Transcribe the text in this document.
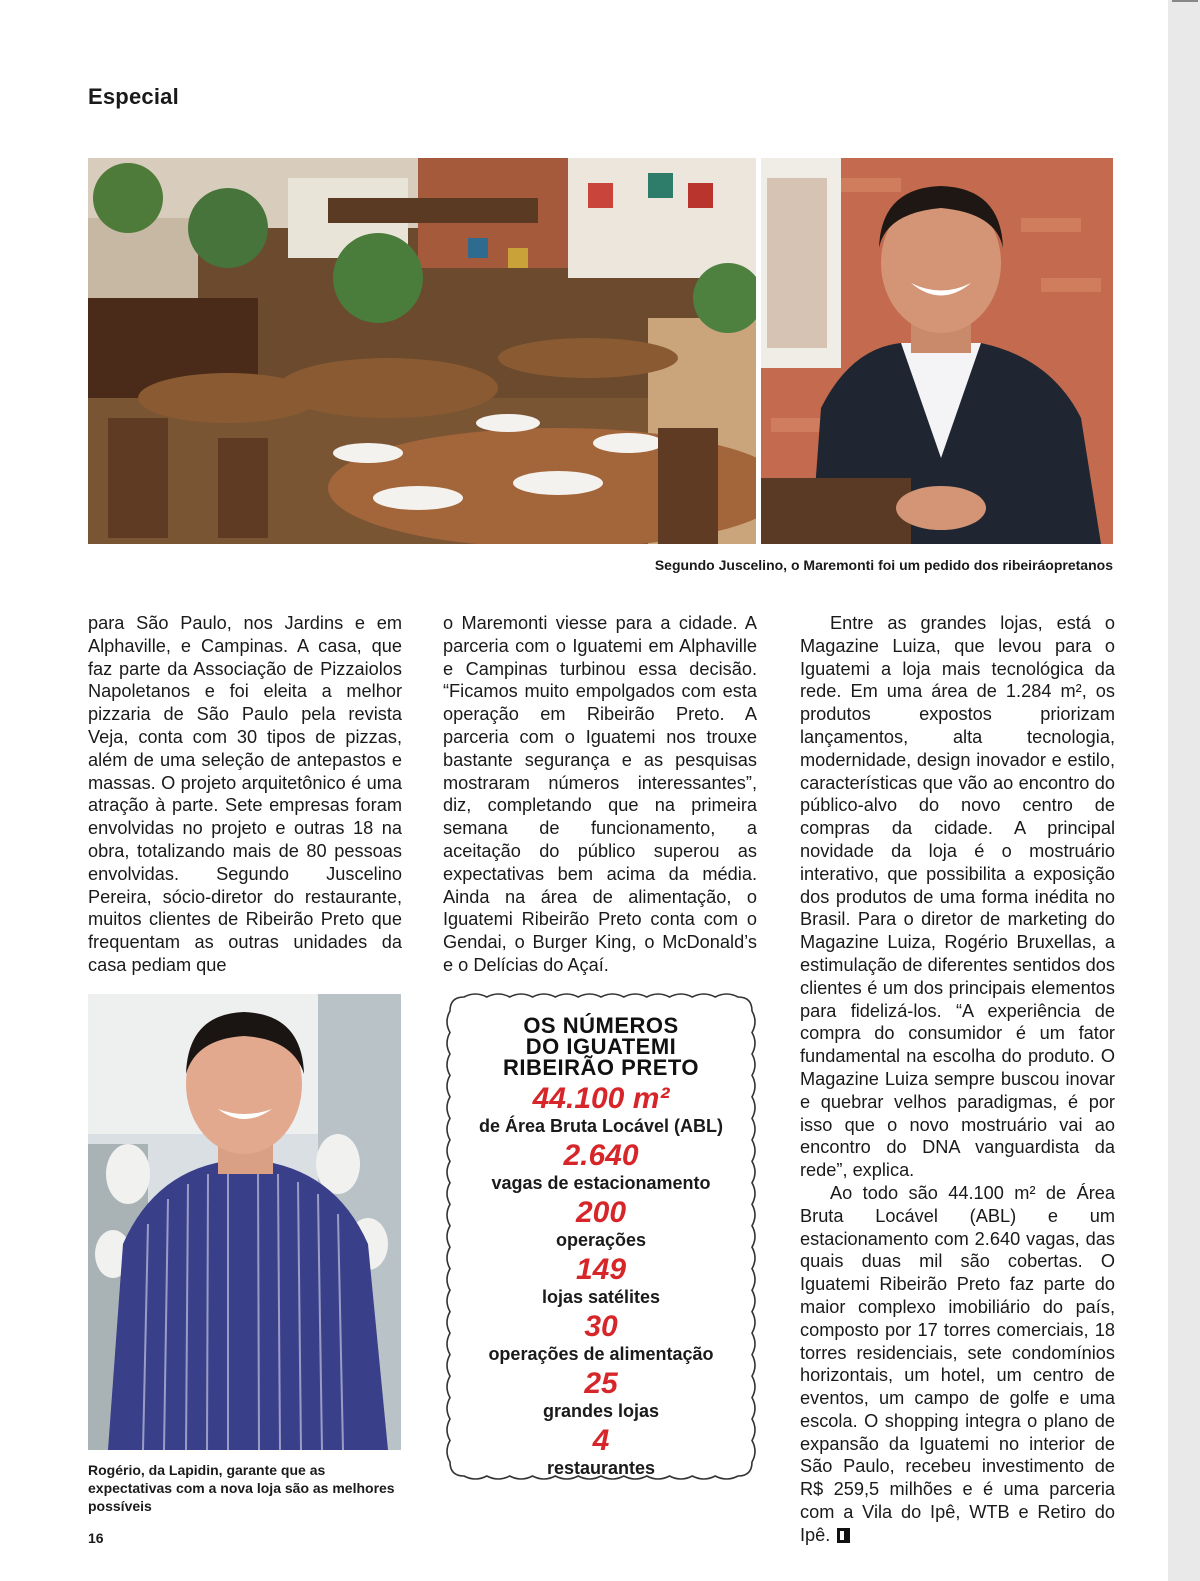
Especial
Segundo Juscelino, o Maremonti foi um pedido dos ribeiráopretanos

para São Paulo, nos Jardins e em Alphaville, e Campinas. A casa, que faz parte da Associação de Pizzaiolos Napoletanos e foi eleita a melhor pizzaria de São Paulo pela revista Veja, conta com 30 tipos de pizzas, além de uma seleção de antepastos e massas. O projeto arquitetônico é uma atração à parte. Sete empresas foram envolvidas no projeto e outras 18 na obra, totalizando mais de 80 pessoas envolvidas. Segundo Juscelino Pereira, sócio-diretor do restaurante, muitos clientes de Ribeirão Preto que frequentam as outras unidades da casa pediam que

o Maremonti viesse para a cidade. A parceria com o Iguatemi em Alphaville e Campinas turbinou essa decisão. “Ficamos muito empolgados com esta operação em Ribeirão Preto. A parceria com o Iguatemi nos trouxe bastante segurança e as pesquisas mostraram números interessantes”, diz, completando que na primeira semana de funcionamento, a aceitação do público superou as expectativas bem acima da média. Ainda na área de alimentação, o Iguatemi Ribeirão Preto conta com o Gendai, o Burger King, o McDonald’s e o Delícias do Açaí.

Entre as grandes lojas, está o Magazine Luiza, que levou para o Iguatemi a loja mais tecnológica da rede. Em uma área de 1.284 m², os produtos expostos priorizam lançamentos, alta tecnologia, modernidade, design inovador e estilo, características que vão ao encontro do público-alvo do novo centro de compras da cidade. A principal novidade da loja é o mostruário interativo, que possibilita a exposição dos produtos de uma forma inédita no Brasil. Para o diretor de marketing do Magazine Luiza, Rogério Bruxellas, a estimulação de diferentes sentidos dos clientes é um dos principais elementos para fidelizá-los. “A experiência de compra do consumidor é um fator fundamental na escolha do produto. O Magazine Luiza sempre buscou inovar e quebrar velhos paradigmas, é por isso que o novo mostruário vai ao encontro do DNA vanguardista da rede”, explica.

Ao todo são 44.100 m² de Área Bruta Locável (ABL) e um estacionamento com 2.640 vagas, das quais duas mil são cobertas. O Iguatemi Ribeirão Preto faz parte do maior complexo imobiliário do país, composto por 17 torres comerciais, 18 torres residenciais, sete condomínios horizontais, um hotel, um centro de eventos, um campo de golfe e uma escola. O shopping integra o plano de expansão da Iguatemi no interior de São Paulo, recebeu investimento de R$ 259,5 milhões e é uma parceria com a Vila do Ipê, WTB e Retiro do Ipê.

Rogério, da Lapidin, garante que as expectativas com a nova loja são as melhores possíveis
OS NÚMEROS
DO IGUATEMI
RIBEIRÃO PRETO
44.100 m²
de Área Bruta Locável (ABL)
2.640
vagas de estacionamento
200
operações
149
lojas satélites
30
operações de alimentação
25
grandes lojas
4
restaurantes
16
